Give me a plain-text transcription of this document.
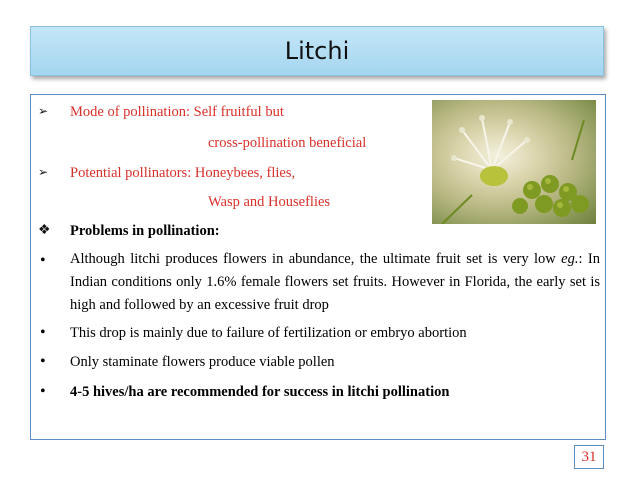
Litchi
➢ Mode of pollination: Self fruitful but
cross-pollination beneficial
➢ Potential pollinators: Honeybees, flies,
Wasp and Houseflies
❖ Problems in pollination:
• Although litchi produces flowers in abundance, the ultimate fruit set is very low eg.: In Indian conditions only 1.6% female flowers set fruits. However in Florida, the early set is high and followed by an excessive fruit drop
• This drop is mainly due to failure of fertilization or embryo abortion
• Only staminate flowers produce viable pollen
• 4-5 hives/ha are recommended for success in litchi pollination
31
